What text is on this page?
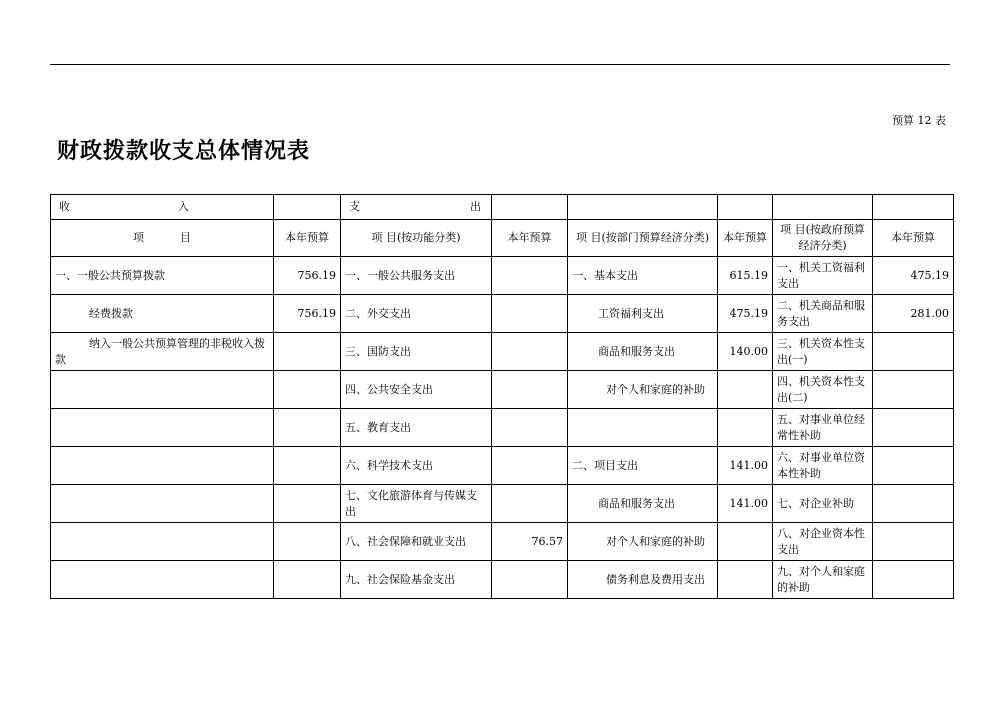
预算 12 表
财政拨款收支总体情况表
收 入		支 出					

项 目	本年预算	项 目(按功能分类)	本年预算	项 目(按部门预算经济分类)	本年预算	项 目(按政府预算经济分类)	本年预算
一、一般公共预算拨款	756.19	一、一般公共服务支出		一、基本支出	615.19	一、机关工资福利支出	475.19
经费拨款	756.19	二、外交支出		工资福利支出	475.19	二、机关商品和服务支出	281.00
纳入一般公共预算管理的非税收入拨款		三、国防支出		商品和服务支出	140.00	三、机关资本性支出(一)	
		四、公共安全支出		对个人和家庭的补助		四、机关资本性支出(二)	
		五、教育支出				五、对事业单位经常性补助	
		六、科学技术支出		二、项目支出	141.00	六、对事业单位资本性补助	
		七、文化旅游体育与传媒支出		商品和服务支出	141.00	七、对企业补助	
		八、社会保障和就业支出	76.57	对个人和家庭的补助		八、对企业资本性支出	
		九、社会保险基金支出		债务利息及费用支出		九、对个人和家庭的补助	
